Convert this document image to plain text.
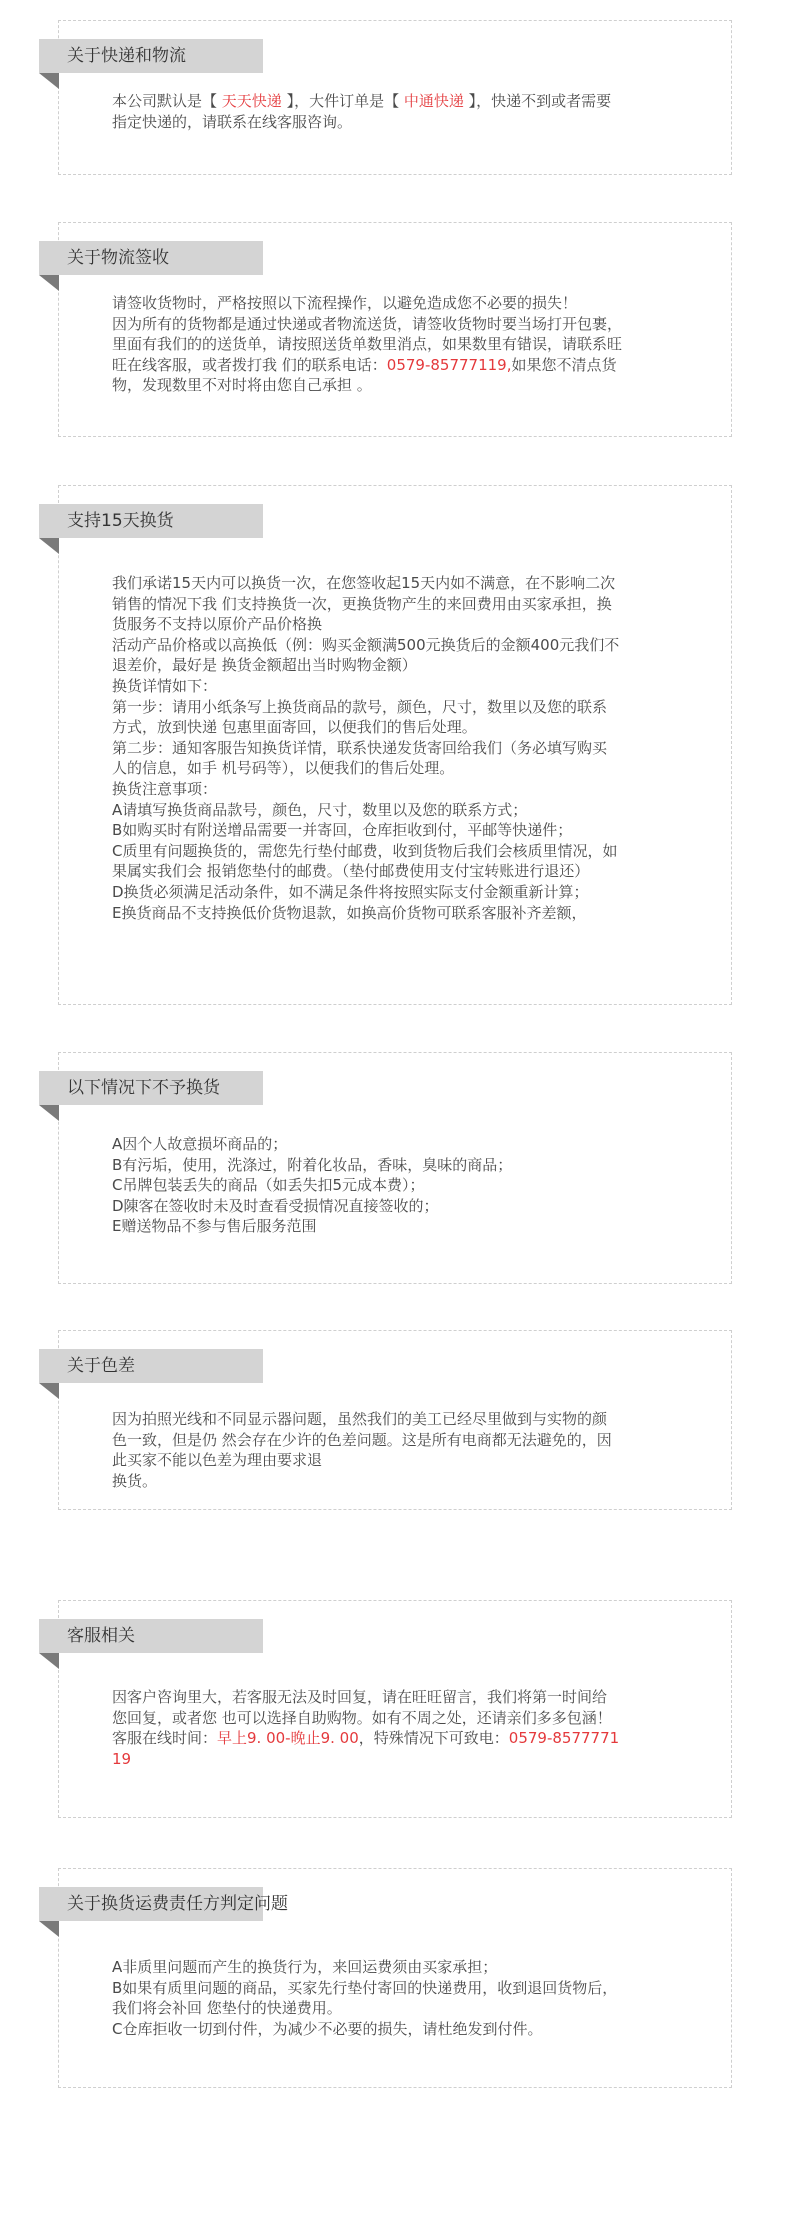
关于快递和物流

本公司默认是【 天天快递 】，大件订单是【 中通快递 】，快递不到或者需要

指定快递的，请联系在线客服咨询。

关于物流签收

请签收货物时，严格按照以下流程操作，以避免造成您不必要的损失！

因为所有的货物都是通过快递或者物流送货，请签收货物时要当场打开包裹，

里面有我们的的送货单，请按照送货单数里消点，如果数里有错误，请联系旺

旺在线客服，或者拨打我 们的联系电话：0579-85777119,如果您不清点货

物，发现数里不对时将由您自己承担 。

支持15天换货

我们承诺15天内可以换货一次，在您签收起15天内如不满意，在不影响二次

销售的情况下我 们支持换货一次，更换货物产生的来回费用由买家承担，换

货服务不支持以原价产品价格换

活动产品价格或以高换低（例：购买金额满500元换货后的金额400元我们不

退差价，最好是 换货金额超出当时购物金额）

换货详情如下：

第一步：请用小纸条写上换货商品的款号，颜色，尺寸，数里以及您的联系

方式，放到快递 包惠里面寄回，以便我们的售后处理。

第二步：通知客服告知换货详情，联系快递发货寄回给我们（务必填写购买

人的信息，如手 机号码等），以便我们的售后处理。

换货注意事项：

A请填写换货商品款号，颜色，尺寸，数里以及您的联系方式；

B如购买时有附送增品需要一并寄回，仓库拒收到付，平邮等快递件；

C质里有问题换货的，需您先行垫付邮费，收到货物后我们会核质里情况，如

果属实我们会 报销您垫付的邮费。（垫付邮费使用支付宝转账进行退还）

D换货必须满足活动条件，如不满足条件将按照实际支付金额重新计算；

E换货商品不支持换低价货物退款，如换高价货物可联系客服补齐差额，

以下情况下不予换货

A因个人故意损坏商品的；

B有污垢，使用，洗涤过，附着化妆品，香味，臭味的商品；

C吊牌包装丢失的商品（如丢失扣5元成本费）；

D陳客在签收时未及时查看受损情况直接签收的；

E赠送物品不参与售后服务范围

关于色差

因为拍照光线和不同显示器问题，虽然我们的美工已经尽里做到与实物的颜

色一致，但是仍 然会存在少许的色差问题。这是所有电商都无法避免的，因

此买家不能以色差为理由要求退

换货。

客服相关

因客户咨询里大，若客服无法及时回复，请在旺旺留言，我们将第一时间给

您回复，或者您 也可以选择自助购物。如有不周之处，还请亲们多多包涵！

客服在线时间：早上9. 00-晚止9. 00，特殊情况下可致电：0579-8577771

19

关于换货运费责任方判定问题

A非质里问题而产生的换货行为，来回运费须由买家承担；

B如果有质里问题的商品，买家先行垫付寄回的快递费用，收到退回货物后，

我们将会补回 您垫付的快递费用。

C仓库拒收一切到付件，为减少不必要的损失，请杜绝发到付件。
